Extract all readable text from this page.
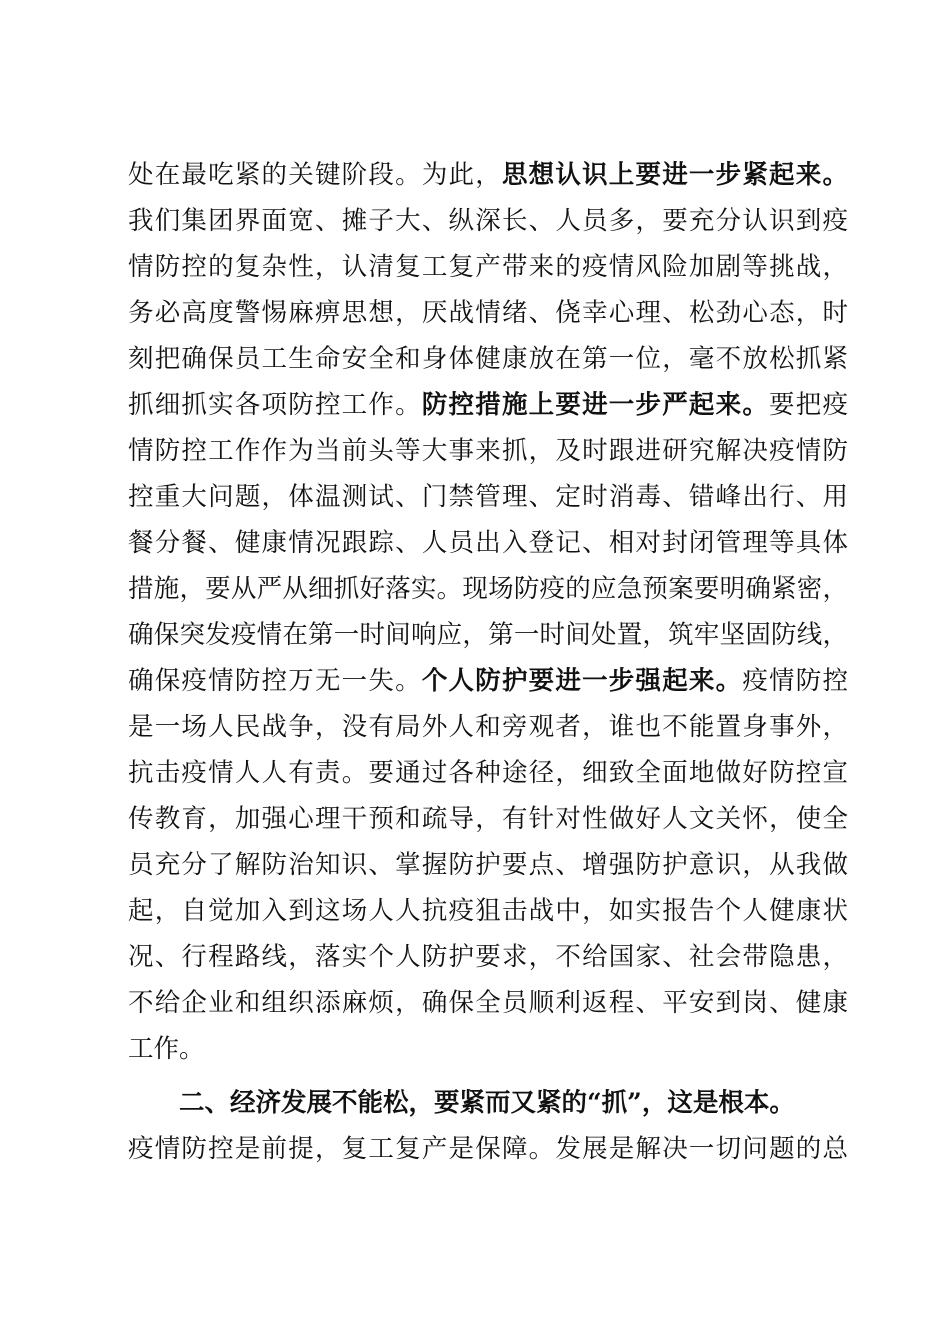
处在最吃紧的关键阶段。为此，思想认识上要进一步紧起来。
我们集团界面宽、摊子大、纵深长、人员多，要充分认识到疫
情防控的复杂性，认清复工复产带来的疫情风险加剧等挑战，
务必高度警惕麻痹思想，厌战情绪、侥幸心理、松劲心态，时
刻把确保员工生命安全和身体健康放在第一位，毫不放松抓紧
抓细抓实各项防控工作。防控措施上要进一步严起来。要把疫
情防控工作作为当前头等大事来抓，及时跟进研究解决疫情防
控重大问题，体温测试、门禁管理、定时消毒、错峰出行、用
餐分餐、健康情况跟踪、人员出入登记、相对封闭管理等具体
措施，要从严从细抓好落实。现场防疫的应急预案要明确紧密，
确保突发疫情在第一时间响应，第一时间处置，筑牢坚固防线，
确保疫情防控万无一失。个人防护要进一步强起来。疫情防控
是一场人民战争，没有局外人和旁观者，谁也不能置身事外，
抗击疫情人人有责。要通过各种途径，细致全面地做好防控宣
传教育，加强心理干预和疏导，有针对性做好人文关怀，使全
员充分了解防治知识、掌握防护要点、增强防护意识，从我做
起，自觉加入到这场人人抗疫狙击战中，如实报告个人健康状
况、行程路线，落实个人防护要求，不给国家、社会带隐患，
不给企业和组织添麻烦，确保全员顺利返程、平安到岗、健康
工作。
二、经济发展不能松，要紧而又紧的“抓”，这是根本。
疫情防控是前提，复工复产是保障。发展是解决一切问题的总
